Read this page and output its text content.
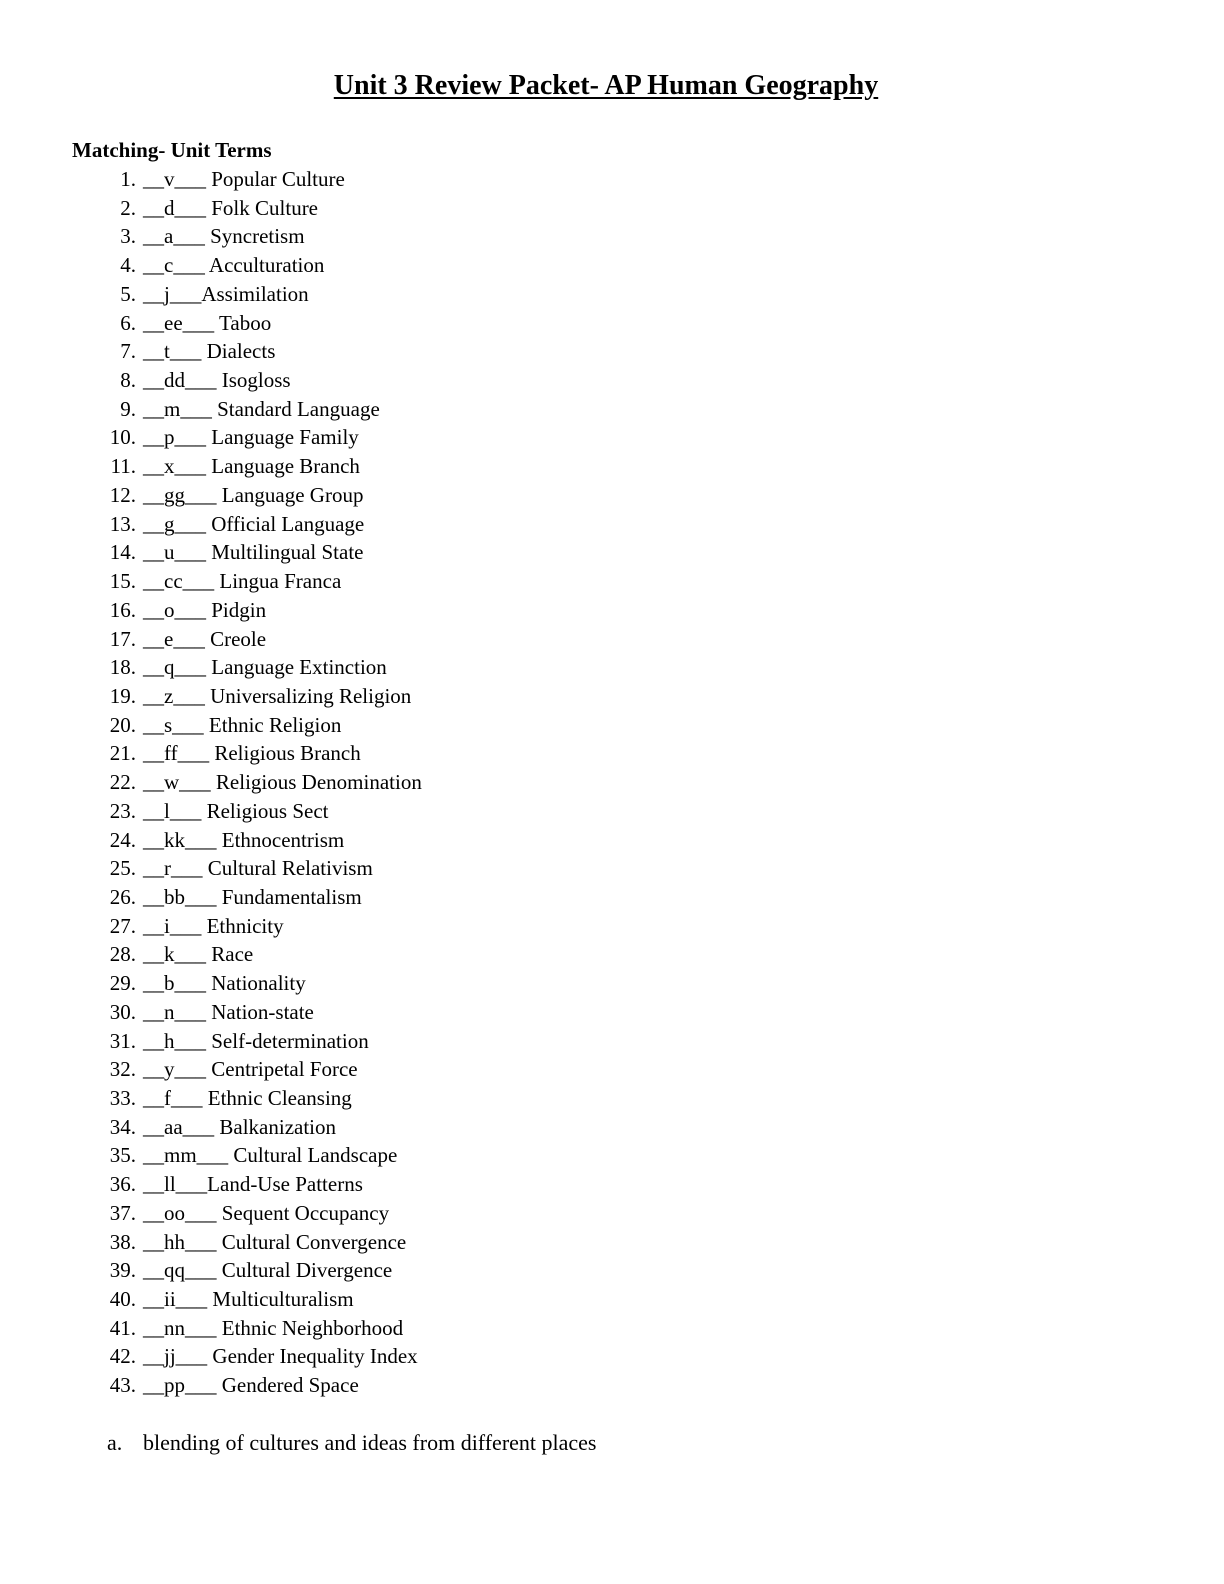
Unit 3 Review Packet- AP Human Geography
Matching- Unit Terms
1. __v___ Popular Culture
2. __d___ Folk Culture
3. __a___ Syncretism
4. __c___ Acculturation
5. __j___Assimilation
6. __ee___ Taboo
7. __t___ Dialects
8. __dd___ Isogloss
9. __m___ Standard Language
10. __p___ Language Family
11. __x___ Language Branch
12. __gg___ Language Group
13. __g___ Official Language
14. __u___ Multilingual State
15. __cc___ Lingua Franca
16. __o___ Pidgin
17. __e___ Creole
18. __q___ Language Extinction
19. __z___ Universalizing Religion
20. __s___ Ethnic Religion
21. __ff___ Religious Branch
22. __w___ Religious Denomination
23. __l___ Religious Sect
24. __kk___ Ethnocentrism
25. __r___ Cultural Relativism
26. __bb___ Fundamentalism
27. __i___ Ethnicity
28. __k___ Race
29. __b___ Nationality
30. __n___ Nation-state
31. __h___ Self-determination
32. __y___ Centripetal Force
33. __f___ Ethnic Cleansing
34. __aa___ Balkanization
35. __mm___ Cultural Landscape
36. __ll___Land-Use Patterns
37. __oo___ Sequent Occupancy
38. __hh___ Cultural Convergence
39. __qq___ Cultural Divergence
40. __ii___ Multiculturalism
41. __nn___ Ethnic Neighborhood
42. __jj___ Gender Inequality Index
43. __pp___ Gendered Space
a. blending of cultures and ideas from different places
